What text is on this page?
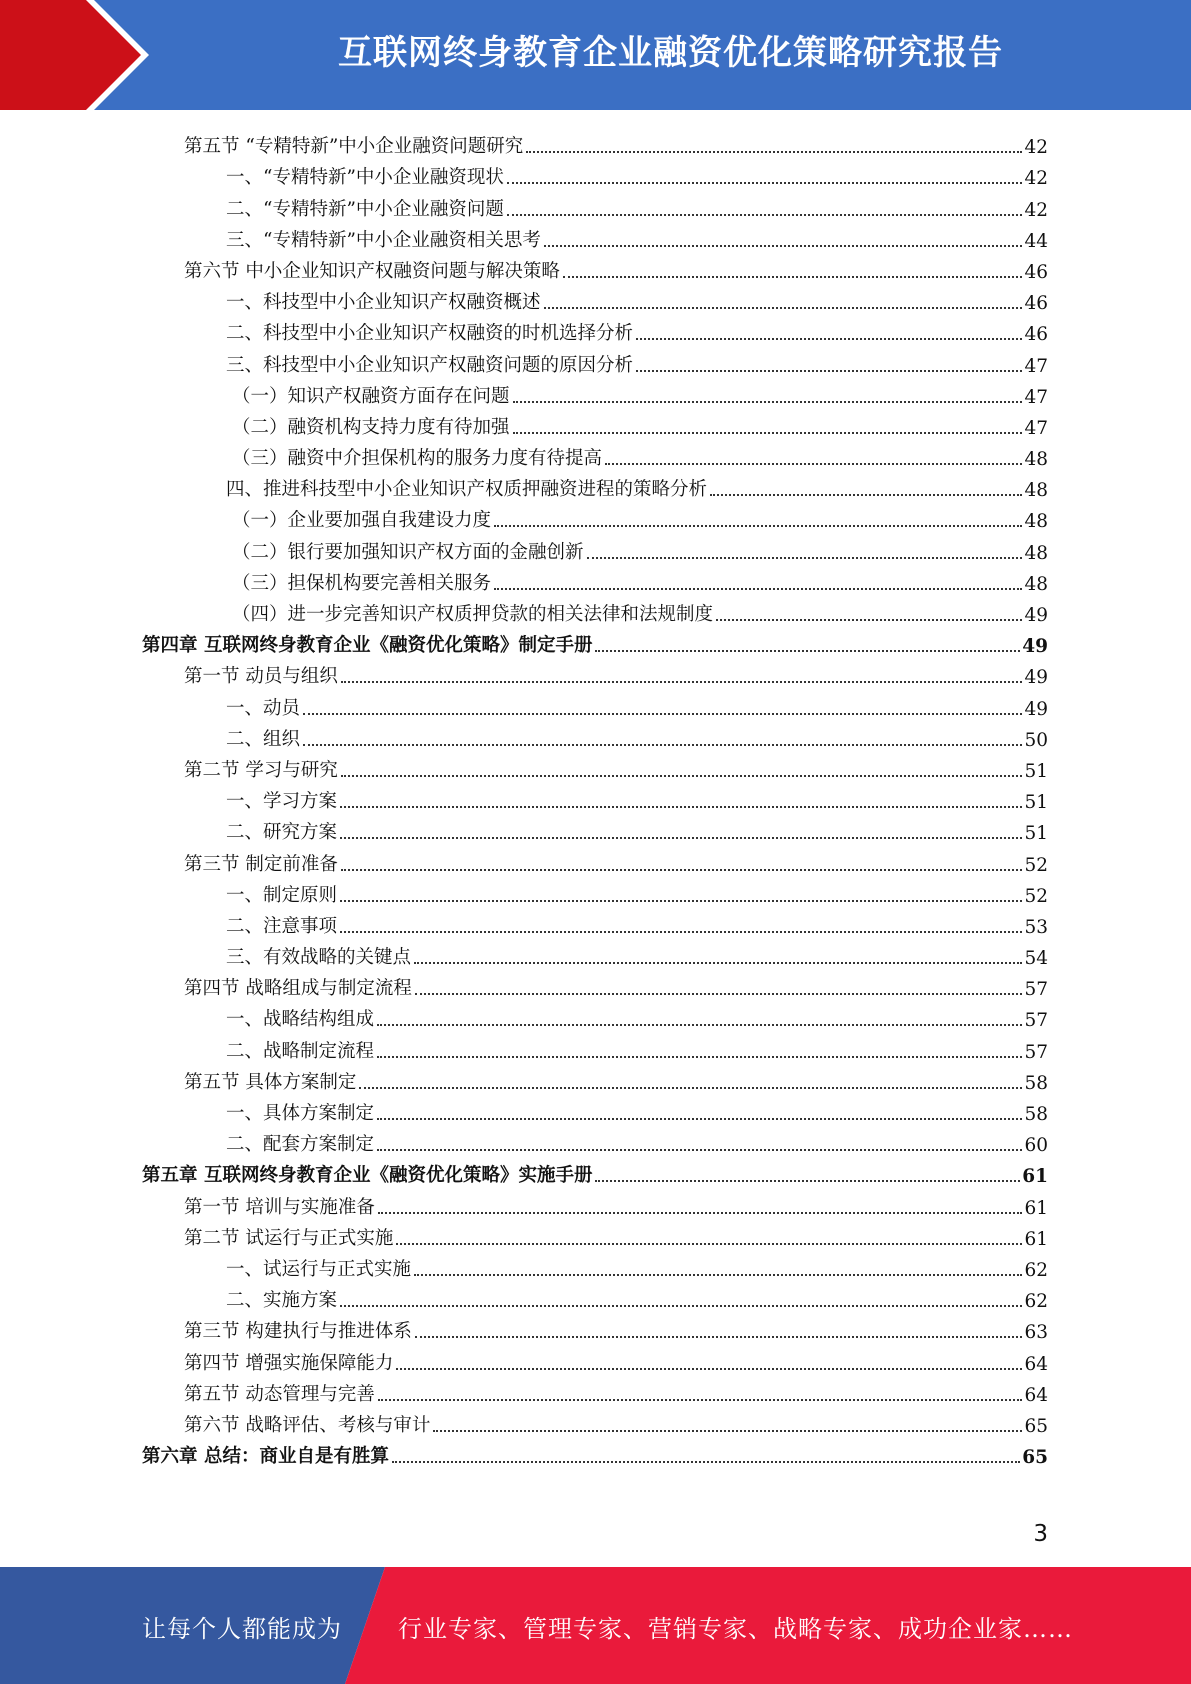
互联网终身教育企业融资优化策略研究报告
第五节 “专精特新”中小企业融资问题研究	42
一、“专精特新”中小企业融资现状	42
二、“专精特新”中小企业融资问题	42
三、“专精特新”中小企业融资相关思考	44
第六节 中小企业知识产权融资问题与解决策略	46
一、科技型中小企业知识产权融资概述	46
二、科技型中小企业知识产权融资的时机选择分析	46
三、科技型中小企业知识产权融资问题的原因分析	47
（一）知识产权融资方面存在问题	47
（二）融资机构支持力度有待加强	47
（三）融资中介担保机构的服务力度有待提高	48
四、推进科技型中小企业知识产权质押融资进程的策略分析	48
（一）企业要加强自我建设力度	48
（二）银行要加强知识产权方面的金融创新	48
（三）担保机构要完善相关服务	48
（四）进一步完善知识产权质押贷款的相关法律和法规制度	49
第四章 互联网终身教育企业《融资优化策略》制定手册	49
第一节 动员与组织	49
一、动员	49
二、组织	50
第二节 学习与研究	51
一、学习方案	51
二、研究方案	51
第三节 制定前准备	52
一、制定原则	52
二、注意事项	53
三、有效战略的关键点	54
第四节 战略组成与制定流程	57
一、战略结构组成	57
二、战略制定流程	57
第五节 具体方案制定	58
一、具体方案制定	58
二、配套方案制定	60
第五章 互联网终身教育企业《融资优化策略》实施手册	61
第一节 培训与实施准备	61
第二节 试运行与正式实施	61
一、试运行与正式实施	62
二、实施方案	62
第三节 构建执行与推进体系	63
第四节 增强实施保障能力	64
第五节 动态管理与完善	64
第六节 战略评估、考核与审计	65
第六章 总结：商业自是有胜算	65
3
让每个人都能成为 行业专家、管理专家、营销专家、战略专家、成功企业家……
